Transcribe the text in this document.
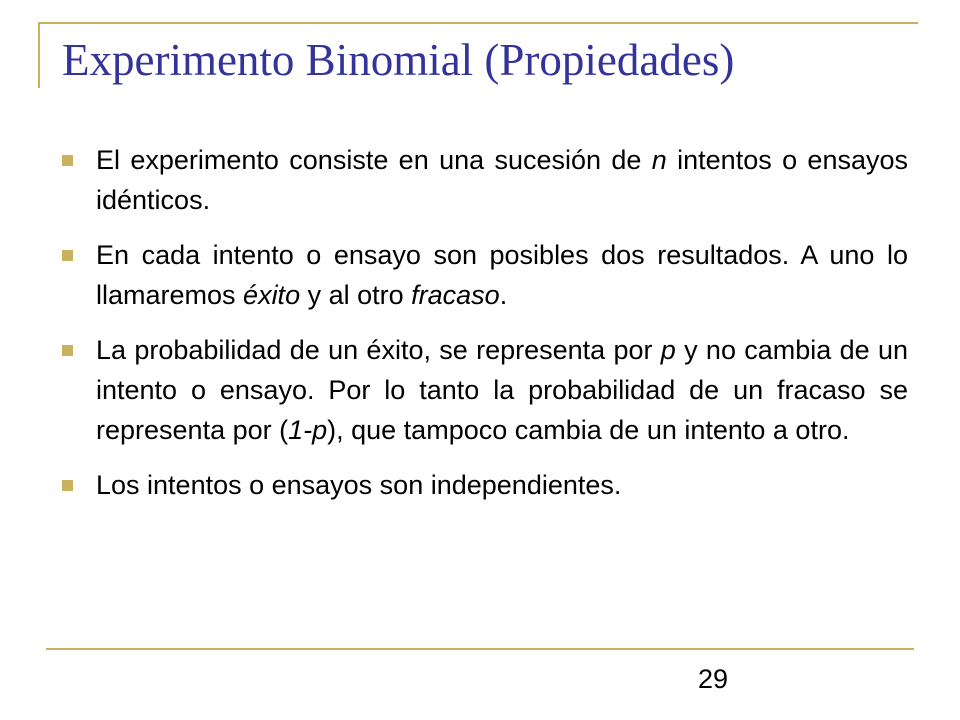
Experimento Binomial (Propiedades)

El experimento consiste en una sucesión de n intentos o ensayos idénticos.

En cada intento o ensayo son posibles dos resultados. A uno lo llamaremos éxito y al otro fracaso.

La probabilidad de un éxito, se representa por p y no cambia de un intento o ensayo. Por lo tanto la probabilidad de un fracaso se representa por (1-p), que tampoco cambia de un intento a otro.

Los intentos o ensayos son independientes.

29
